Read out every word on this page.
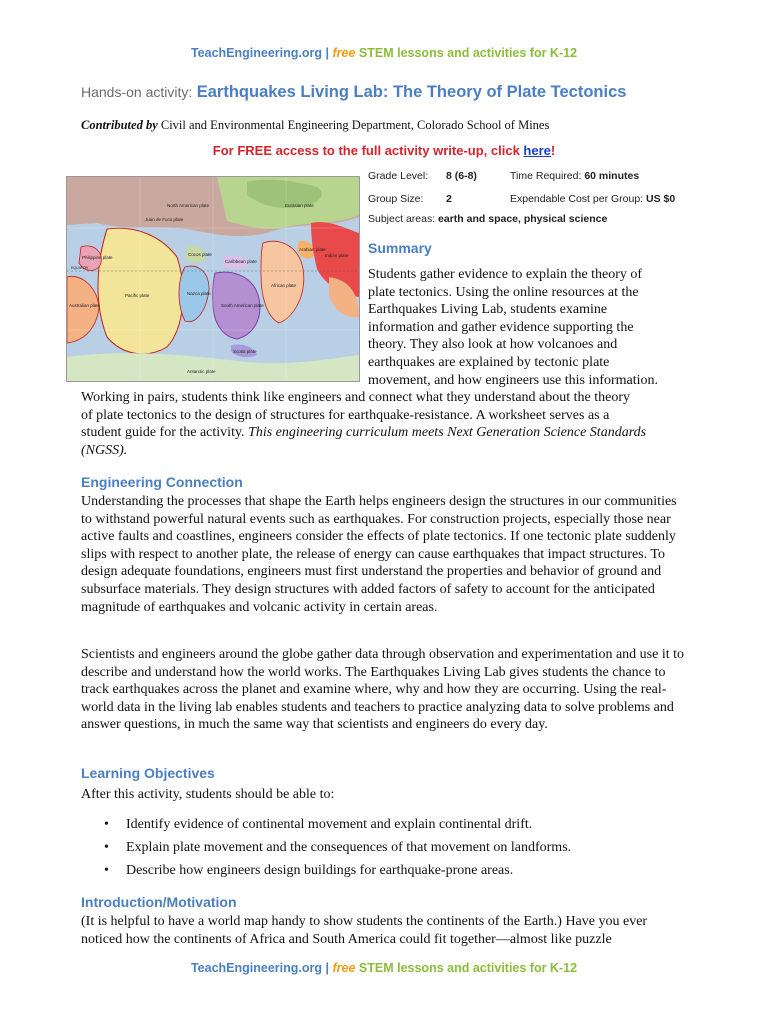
TeachEngineering.org | free STEM lessons and activities for K-12
Hands-on activity: Earthquakes Living Lab: The Theory of Plate Tectonics
Contributed by Civil and Environmental Engineering Department, Colorado School of Mines
For FREE access to the full activity write-up, click here!
North American plate	Eurasian plate
Pacific plate
African plate
South American plate
Indian plate
Australian plate
Nazca plate
Antarctic plate
Cocos plate
Arabian plate
Philippine plate
Caribbean plate
Scotia plate
Juan de Fuca plate
EQUATOR
Grade Level: 8 (6-8)	Time Required: 60 minutes
Group Size: 2	Expendable Cost per Group: US $0
Subject areas: earth and space, physical science
Summary
Students gather evidence to explain the theory of
plate tectonics. Using the online resources at the
Earthquakes Living Lab, students examine
information and gather evidence supporting the
theory. They also look at how volcanoes and
earthquakes are explained by tectonic plate
movement, and how engineers use this information.
Working in pairs, students think like engineers and connect what they understand about the theory
of plate tectonics to the design of structures for earthquake-resistance. A worksheet serves as a
student guide for the activity. This engineering curriculum meets Next Generation Science Standards (NGSS).
Engineering Connection

Understanding the processes that shape the Earth helps engineers design the structures in our communities to withstand powerful natural events such as earthquakes. For construction projects, especially those near active faults and coastlines, engineers consider the effects of plate tectonics. If one tectonic plate suddenly slips with respect to another plate, the release of energy can cause earthquakes that impact structures. To design adequate foundations, engineers must first understand the properties and behavior of ground and subsurface materials. They design structures with added factors of safety to account for the anticipated magnitude of earthquakes and volcanic activity in certain areas.

Scientists and engineers around the globe gather data through observation and experimentation and use it to describe and understand how the world works. The Earthquakes Living Lab gives students the chance to track earthquakes across the planet and examine where, why and how they are occurring. Using the real-world data in the living lab enables students and teachers to practice analyzing data to solve problems and answer questions, in much the same way that scientists and engineers do every day.

Learning Objectives

After this activity, students should be able to:

• Identify evidence of continental movement and explain continental drift.
• Explain plate movement and the consequences of that movement on landforms.
• Describe how engineers design buildings for earthquake-prone areas.
Introduction/Motivation

(It is helpful to have a world map handy to show students the continents of the Earth.) Have you ever noticed how the continents of Africa and South America could fit together—almost like puzzle

TeachEngineering.org | free STEM lessons and activities for K-12
